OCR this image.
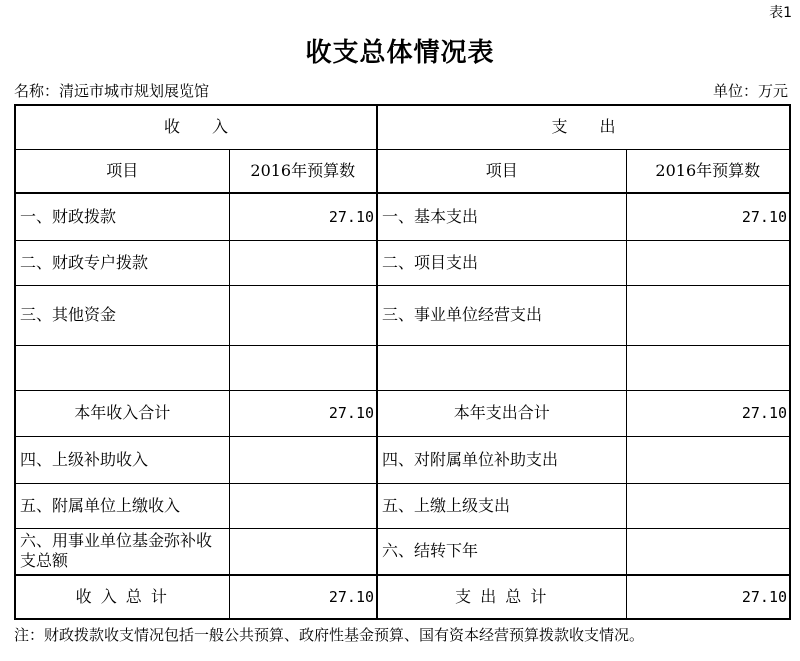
表1
收支总体情况表
名称：清远市城市规划展览馆	单位：万元
收　　入		支　　出	
项目	2016年预算数	项目	2016年预算数
一、财政拨款	27.10	一、基本支出	27.10
二、财政专户拨款		二、项目支出	
三、其他资金		三、事业单位经营支出	

本年收入合计	27.10	本年支出合计	27.10
四、上级补助收入		四、对附属单位补助支出	
五、附属单位上缴收入		五、上缴上级支出	
六、用事业单位基金弥补收支总额		六、结转下年	
收 入 总 计	27.10	支 出 总 计	27.10
注：财政拨款收支情况包括一般公共预算、政府性基金预算、国有资本经营预算拨款收支情况。
